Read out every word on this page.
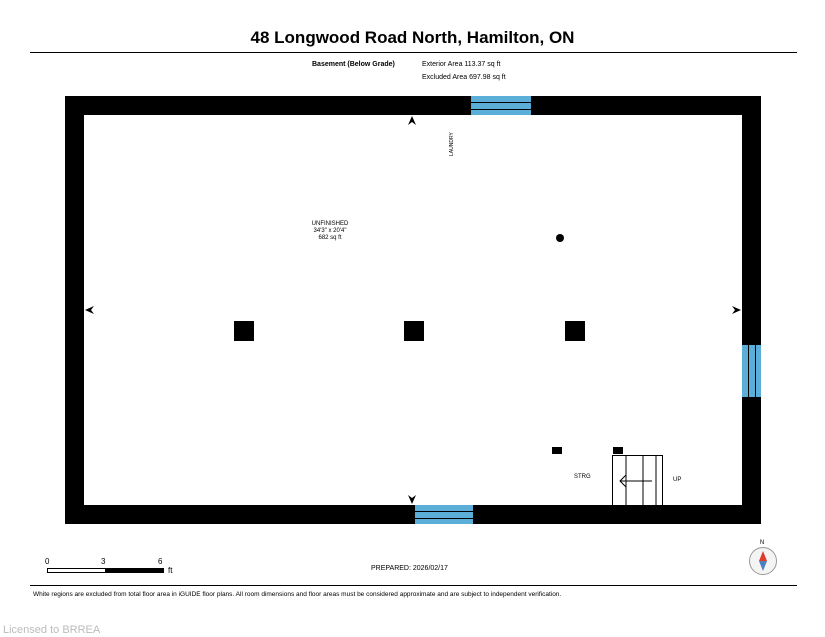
48 Longwood Road North, Hamilton, ON
Basement (Below Grade)	Exterior Area 113.37 sq ft
Excluded Area 697.98 sq ft
UNFINISHED
34'3" x 20'4"
682 sq ft
LAUNDRY
STRG	UP
0	3	6
ft	PREPARED: 2026/02/17
N
White regions are excluded from total floor area in iGUIDE floor plans. All room dimensions and floor areas must be considered approximate and are subject to independent verification.
Licensed to BRREA
